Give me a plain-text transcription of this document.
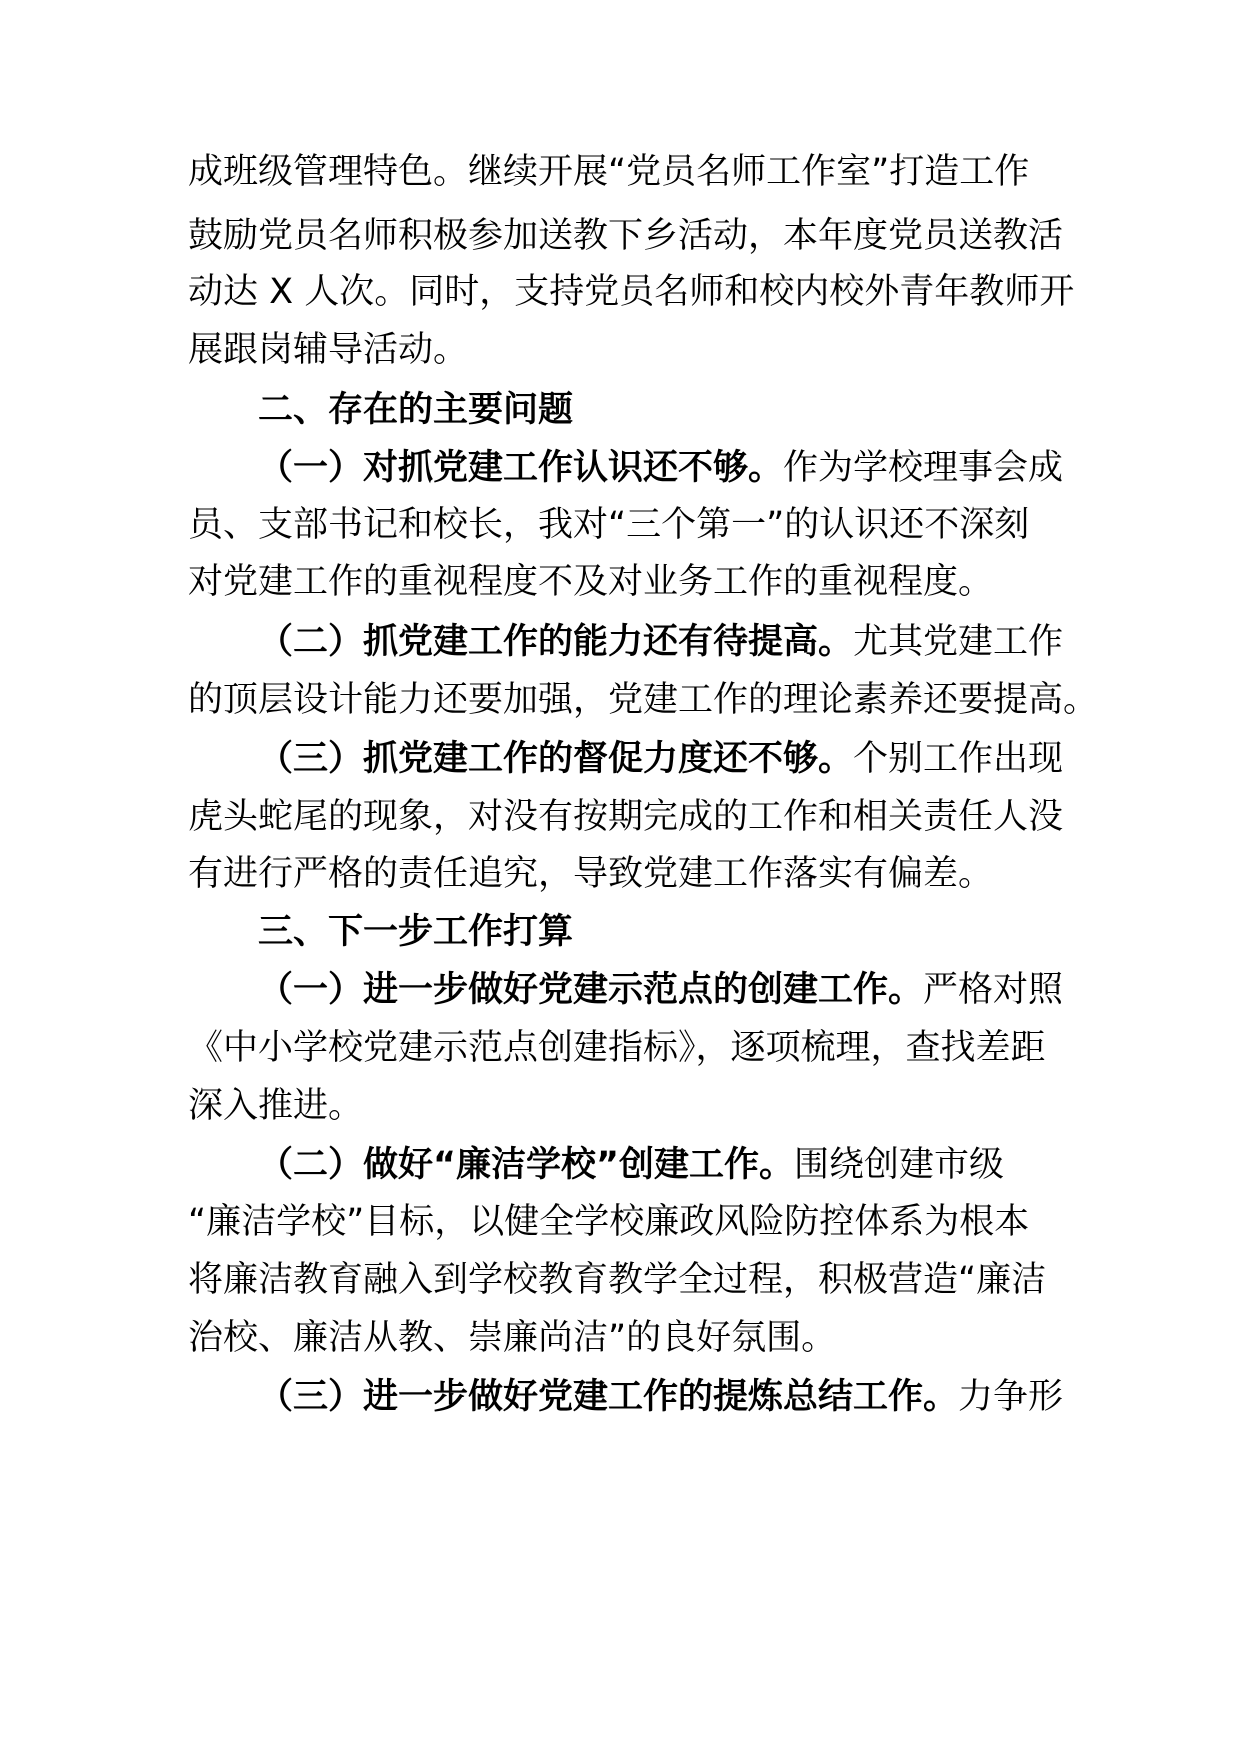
成班级管理特色。继续开展“党员名师工作室”打造工作
鼓励党员名师积极参加送教下乡活动，本年度党员送教活
动达 X 人次。同时，支持党员名师和校内校外青年教师开
展跟岗辅导活动。
二、存在的主要问题
（一）对抓党建工作认识还不够。作为学校理事会成
员、支部书记和校长，我对“三个第一”的认识还不深刻
对党建工作的重视程度不及对业务工作的重视程度。
（二）抓党建工作的能力还有待提高。尤其党建工作
的顶层设计能力还要加强，党建工作的理论素养还要提高。
（三）抓党建工作的督促力度还不够。个别工作出现
虎头蛇尾的现象，对没有按期完成的工作和相关责任人没
有进行严格的责任追究，导致党建工作落实有偏差。
三、下一步工作打算
（一）进一步做好党建示范点的创建工作。严格对照
《中小学校党建示范点创建指标》，逐项梳理，查找差距
深入推进。
（二）做好“廉洁学校”创建工作。围绕创建市级
“廉洁学校”目标，以健全学校廉政风险防控体系为根本
将廉洁教育融入到学校教育教学全过程，积极营造“廉洁
治校、廉洁从教、崇廉尚洁”的良好氛围。
（三）进一步做好党建工作的提炼总结工作。力争形
